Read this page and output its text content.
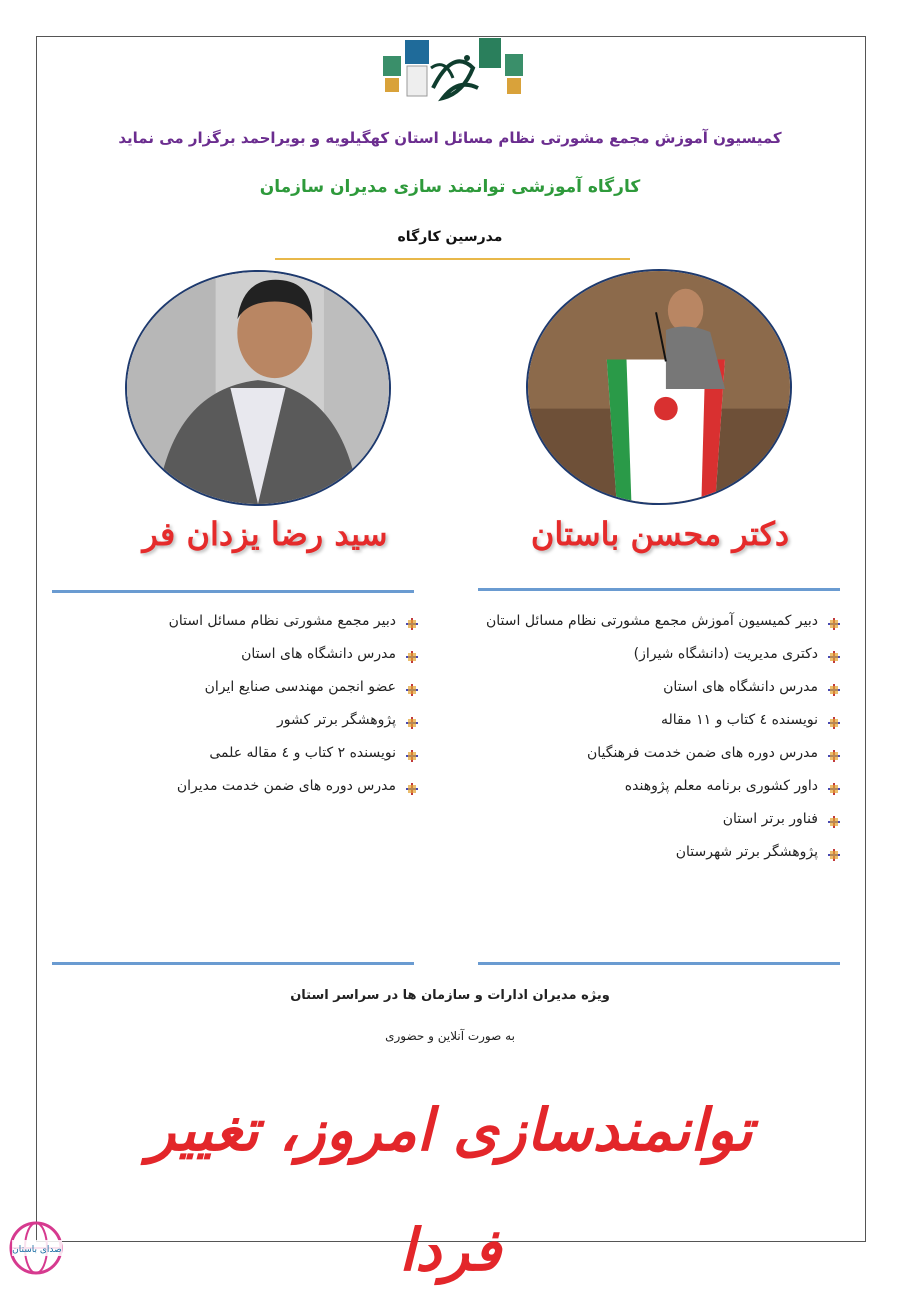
کمیسیون آموزش مجمع مشورتی نظام مسائل استان کهگیلویه و بویراحمد برگزار می نماید
کارگاه آموزشی توانمند سازی مدیران سازمان
مدرسین کارگاه
سید رضا یزدان فر	دکتر محسن باستان
دبیر مجمع مشورتی نظام مسائل استان
مدرس دانشگاه های استان
عضو انجمن مهندسی صنایع ایران
پژوهشگر برتر کشور
نویسنده ۲ کتاب و ٤ مقاله علمی
مدرس دوره های ضمن خدمت مدیران
دبیر کمیسیون آموزش مجمع مشورتی نظام مسائل استان
دکتری مدیریت (دانشگاه شیراز)
مدرس دانشگاه های استان
نویسنده ٤ کتاب و ۱۱ مقاله
مدرس دوره های ضمن خدمت فرهنگیان
داور کشوری برنامه معلم پژوهنده
فناور برتر استان
پژوهشگر برتر شهرستان
ویژه مدیران ادارات و سازمان ها در سراسر استان
به صورت آنلاین و حضوری
توانمندسازی امروز، تغییر فردا
صدای باستان
